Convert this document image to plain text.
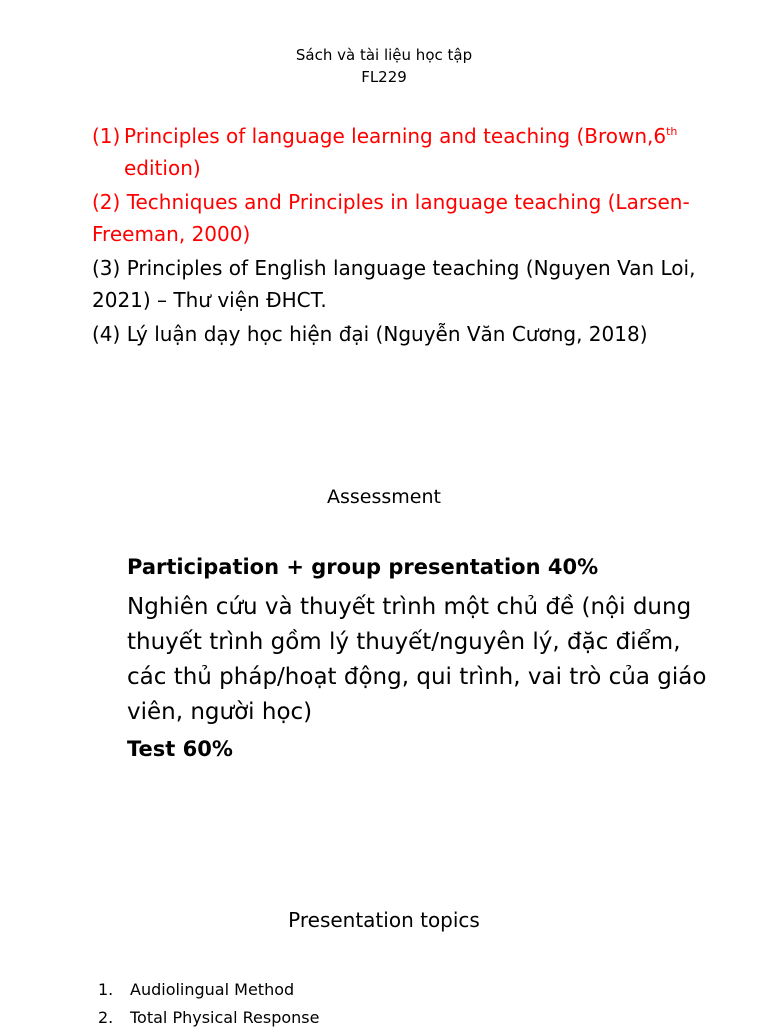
Sách và tài liệu học tập
FL229
(1) Principles of language learning and teaching (Brown,6th edition)
(2) Techniques and Principles in language teaching (Larsen-Freeman, 2000)
(3) Principles of English language teaching (Nguyen Van Loi, 2021) – Thư viện ĐHCT.
(4) Lý luận dạy học hiện đại (Nguyễn Văn Cương, 2018)
Assessment
Participation + group presentation 40%
Nghiên cứu và thuyết trình một chủ đề (nội dung thuyết trình gồm lý thuyết/nguyên lý, đặc điểm, các thủ pháp/hoạt động, qui trình, vai trò của giáo viên, người học)
Test 60%
Presentation topics
1. Audiolingual Method
2. Total Physical Response
